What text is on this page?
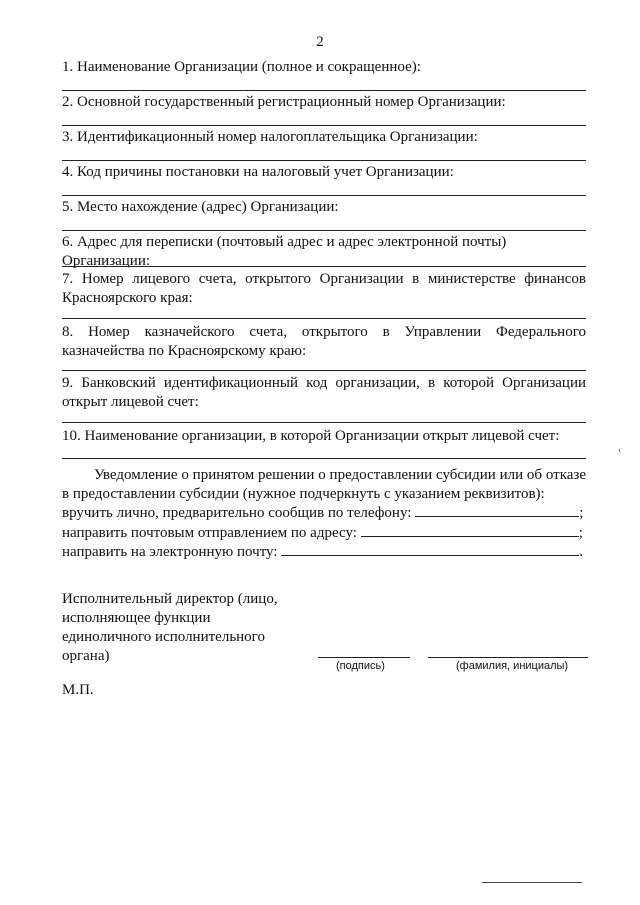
2
1. Наименование Организации (полное и сокращенное):
2. Основной государственный регистрационный номер Организации:
3. Идентификационный номер налогоплательщика Организации:
4. Код причины постановки на налоговый учет Организации:
5. Место нахождение (адрес) Организации:
6. Адрес для переписки (почтовый адрес и адрес электронной почты) Организации:
7. Номер лицевого счета, открытого Организации в министерстве финансов Красноярского края:
8. Номер казначейского счета, открытого в Управлении Федерального казначейства по Красноярскому краю:
9. Банковский идентификационный код организации, в которой Организации открыт лицевой счет:
10. Наименование организации, в которой Организации открыт лицевой счет:
‹
Уведомление о принятом решении о предоставлении субсидии или об отказе в предоставлении субсидии (нужное подчеркнуть с указанием реквизитов):
вручить лично, предварительно сообщив по телефону:	;
направить почтовым отправлением по адресу:	;
направить на электронную почту:	.
Исполнительный директор (лицо, исполняющее функции единоличного исполнительного органа)
(подпись)	(фамилия, инициалы)
М.П.
